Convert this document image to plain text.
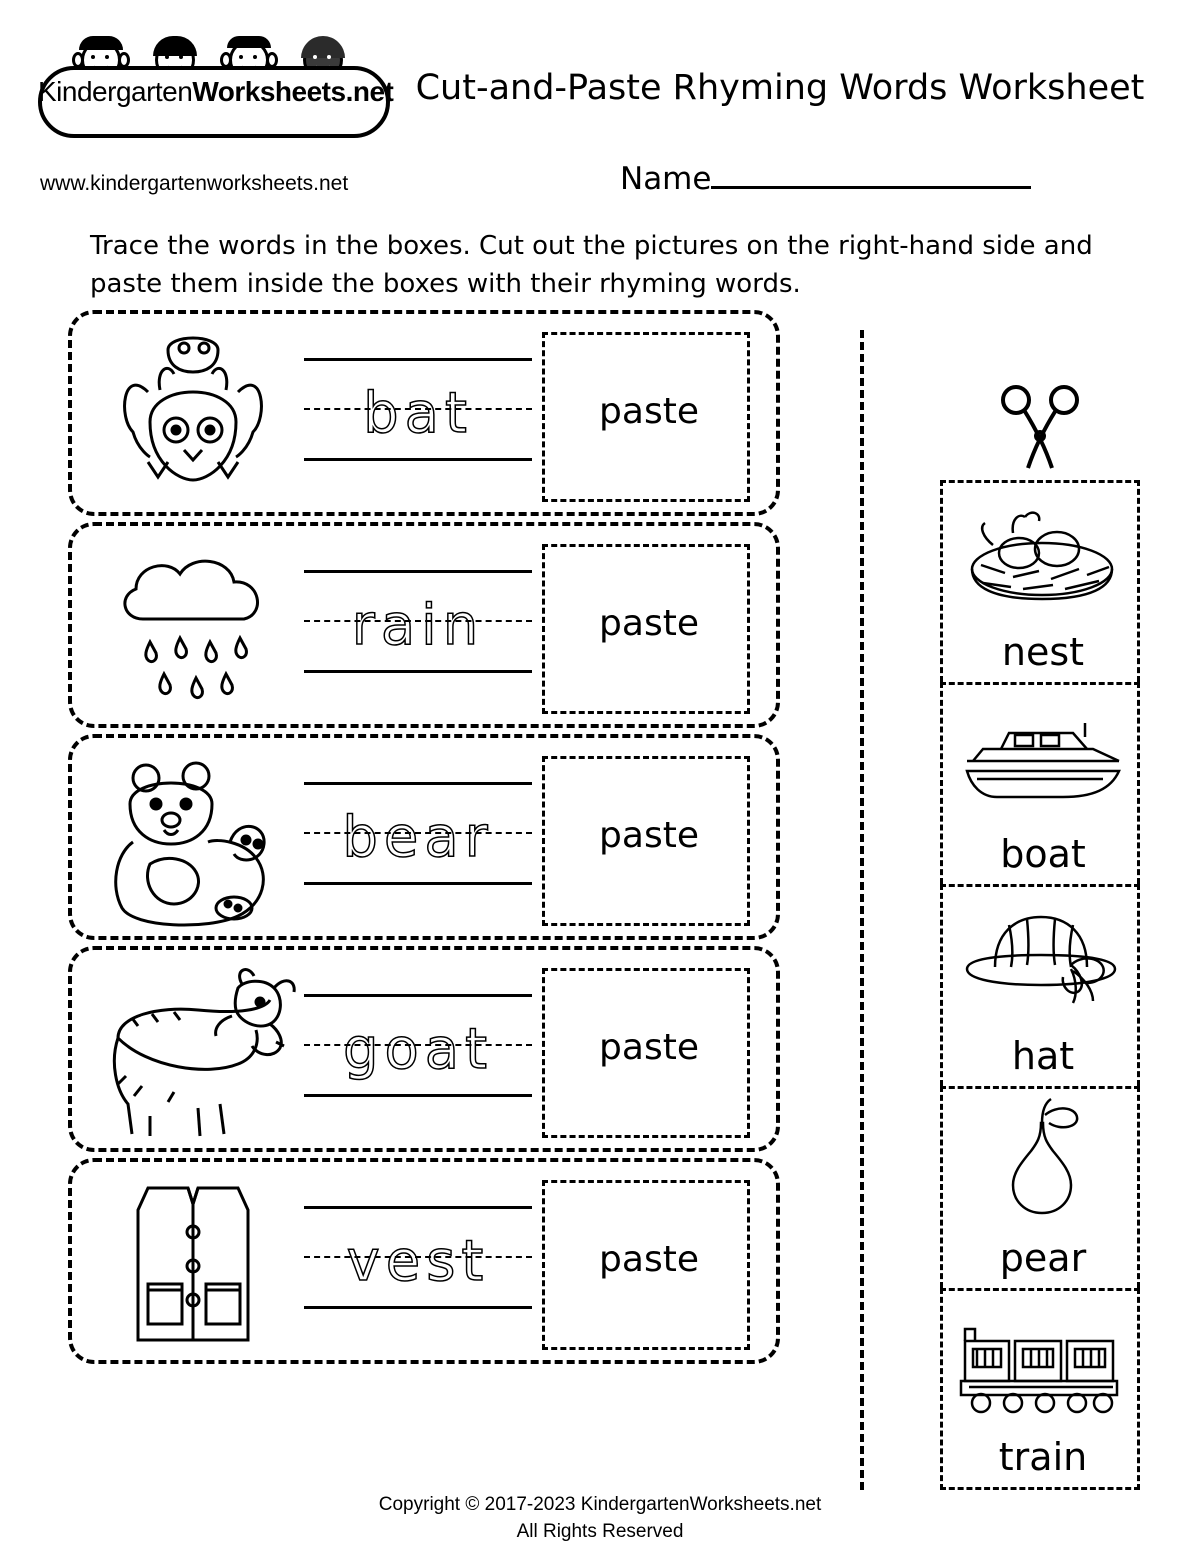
KindergartenWorksheets.net
www.kindergartenworksheets.net
Cut-and-Paste Rhyming Words Worksheet
Name
Trace the words in the boxes. Cut out the pictures on the right-hand side and paste them inside the boxes with their rhyming words.
bat	paste
rain	paste
bear	paste
goat	paste
vest	paste
nest
boat
hat
pear
train
Copyright © 2017-2023 KindergartenWorksheets.net
All Rights Reserved
